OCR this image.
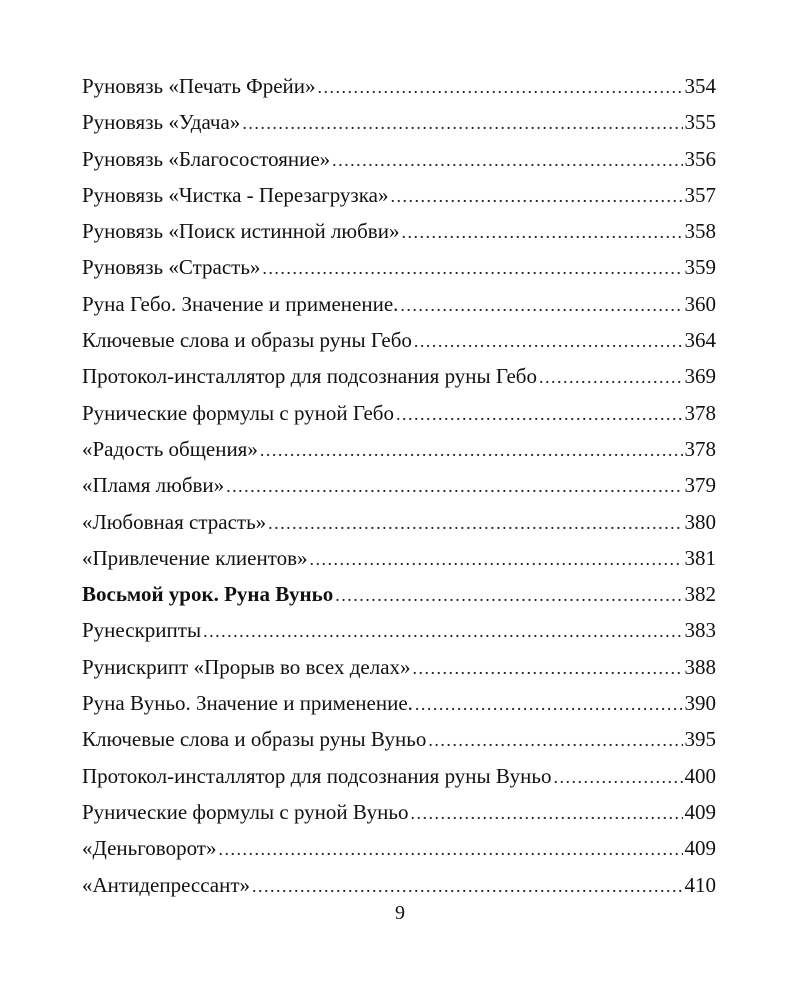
Руновязь «Печать Фрейи» .....	354
Руновязь «Удача» .....	355
Руновязь «Благосостояние» .....	356
Руновязь «Чистка - Перезагрузка» .....	357
Руновязь «Поиск истинной любви» .....	358
Руновязь «Страсть» .....	359
Руна Гебо. Значение и применение. .....	360
Ключевые слова и образы руны Гебо .....	364
Протокол-инсталлятор для подсознания руны Гебо .....	369
Рунические формулы с руной Гебо .....	378
«Радость общения» .....	378
«Пламя любви» .....	379
«Любовная страсть» .....	380
«Привлечение клиентов» .....	381
Восьмой урок. Руна Вуньо .....	382
Рунескрипты .....	383
Рунискрипт «Прорыв во всех делах» .....	388
Руна Вуньо. Значение и применение. .....	390
Ключевые слова и образы руны Вуньо .....	395
Протокол-инсталлятор для подсознания руны Вуньо .....	400
Рунические формулы с руной Вуньо .....	409
«Деньговорот» .....	409
«Антидепрессант» .....	410
9
